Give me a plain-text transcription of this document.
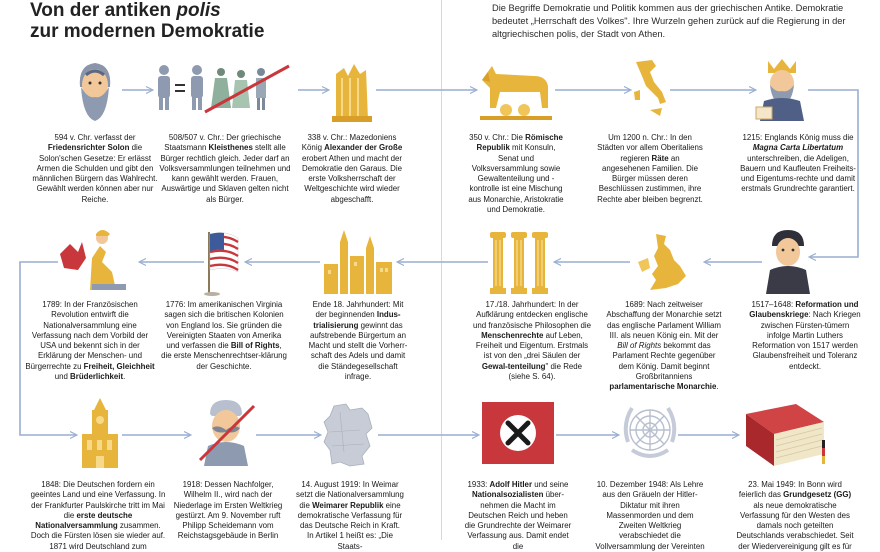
Von der antiken polis
zur modernen Demokratie
Die Begriffe Demokratie und Politik kommen aus der griechischen Antike. Demokratie bedeutet „Herrschaft des Volkes". Ihre Wurzeln gehen zurück auf die Regierung in der altgriechischen polis, der Stadt von Athen.
594 v. Chr. verfasst der Friedensrichter Solon die Solon'schen Gesetze: Er erlässt Armen die Schulden und gibt den männlichen Bürgern das Wahlrecht. Gewählt werden können aber nur Reiche.
508/507 v. Chr.: Der griechische Staatsmann Kleisthenes stellt alle Bürger rechtlich gleich. Jeder darf an Volksversammlungen teilnehmen und kann gewählt werden. Frauen, Auswärtige und Sklaven gelten nicht als Bürger.
338 v. Chr.: Mazedoniens König Alexander der Große erobert Athen und macht der Demokratie den Garaus. Die erste Volksherrschaft der Weltgeschichte wird wieder abgeschafft.
350 v. Chr.: Die Römische Republik mit Konsuln, Senat und Volksversammlung sowie Gewaltenteilung und -kontrolle ist eine Mischung aus Monarchie, Aristokratie und Demokratie.
Um 1200 n. Chr.: In den Städten vor allem Oberitaliens regieren Räte an angesehenen Familien. Die Bürger müssen deren Beschlüssen zustimmen, ihre Rechte aber bleiben begrenzt.
1215: Englands König muss die Magna Carta Libertatum unterschreiben, die Adeligen, Bauern und Kaufleuten Freiheits- und Eigentums-rechte und damit erstmals Grundrechte garantiert.
1789: In der Französischen Revolution entwirft die Nationalversammlung eine Verfassung nach dem Vorbild der USA und bekennt sich in der Erklärung der Menschen- und Bürgerrechte zu Freiheit, Gleichheit und Brüderlichkeit.
1776: Im amerikanischen Virginia sagen sich die britischen Kolonien von England los. Sie gründen die Vereinigten Staaten von Amerika und verfassen die Bill of Rights, die erste Menschenrechtser-klärung der Geschichte.
Ende 18. Jahrhundert: Mit der beginnenden Indus-trialisierung gewinnt das aufstrebende Bürgertum an Macht und stellt die Vorherr-schaft des Adels und damit die Ständegesellschaft infrage.
17./18. Jahrhundert: In der Aufklärung entdecken englische und französische Philosophen die Menschenrechte auf Leben, Freiheit und Eigentum. Erstmals ist von den „drei Säulen der Gewal-tenteilung" die Rede (siehe S. 64).
1689: Nach zeitweiser Abschaffung der Monarchie setzt das englische Parlament William III. als neuen König ein. Mit der Bill of Rights bekommt das Parlament Rechte gegenüber dem König. Damit beginnt Großbritanniens parlamentarische Monarchie.
1517–1648: Reformation und Glaubenskriege: Nach Kriegen zwischen Fürsten-tümern infolge Martin Luthers Reformation von 1517 werden Glaubensfreiheit und Toleranz entdeckt.
1848: Die Deutschen fordern ein geeintes Land und eine Verfassung. In der Frankfurter Paulskirche tritt im Mai die erste deutsche Nationalversammlung zusammen. Doch die Fürsten lösen sie wieder auf. 1871 wird Deutschland zum
1918: Dessen Nachfolger, Wilhelm II., wird nach der Niederlage im Ersten Weltkrieg gestürzt. Am 9. November ruft Philipp Scheidemann vom Reichstagsgebäude in Berlin
14. August 1919: In Weimar setzt die Nationalversammlung die Weimarer Republik eine demokratische Verfassung für das Deutsche Reich in Kraft. In Artikel 1 heißt es: „Die Staats-
1933: Adolf Hitler und seine Nationalsozialisten über-nehmen die Macht im Deutschen Reich und heben die Grundrechte der Weimarer Verfassung aus. Damit endet die
10. Dezember 1948: Als Lehre aus den Gräueln der Hitler-Diktatur mit ihren Massenmorden und dem Zweiten Weltkrieg verabschiedet die Vollversammlung der Vereinten
23. Mai 1949: In Bonn wird feierlich das Grundgesetz (GG) als neue demokratische Verfassung für den Westen des damals noch geteilten Deutschlands verabschiedet. Seit der Wiedervereinigung gilt es für
